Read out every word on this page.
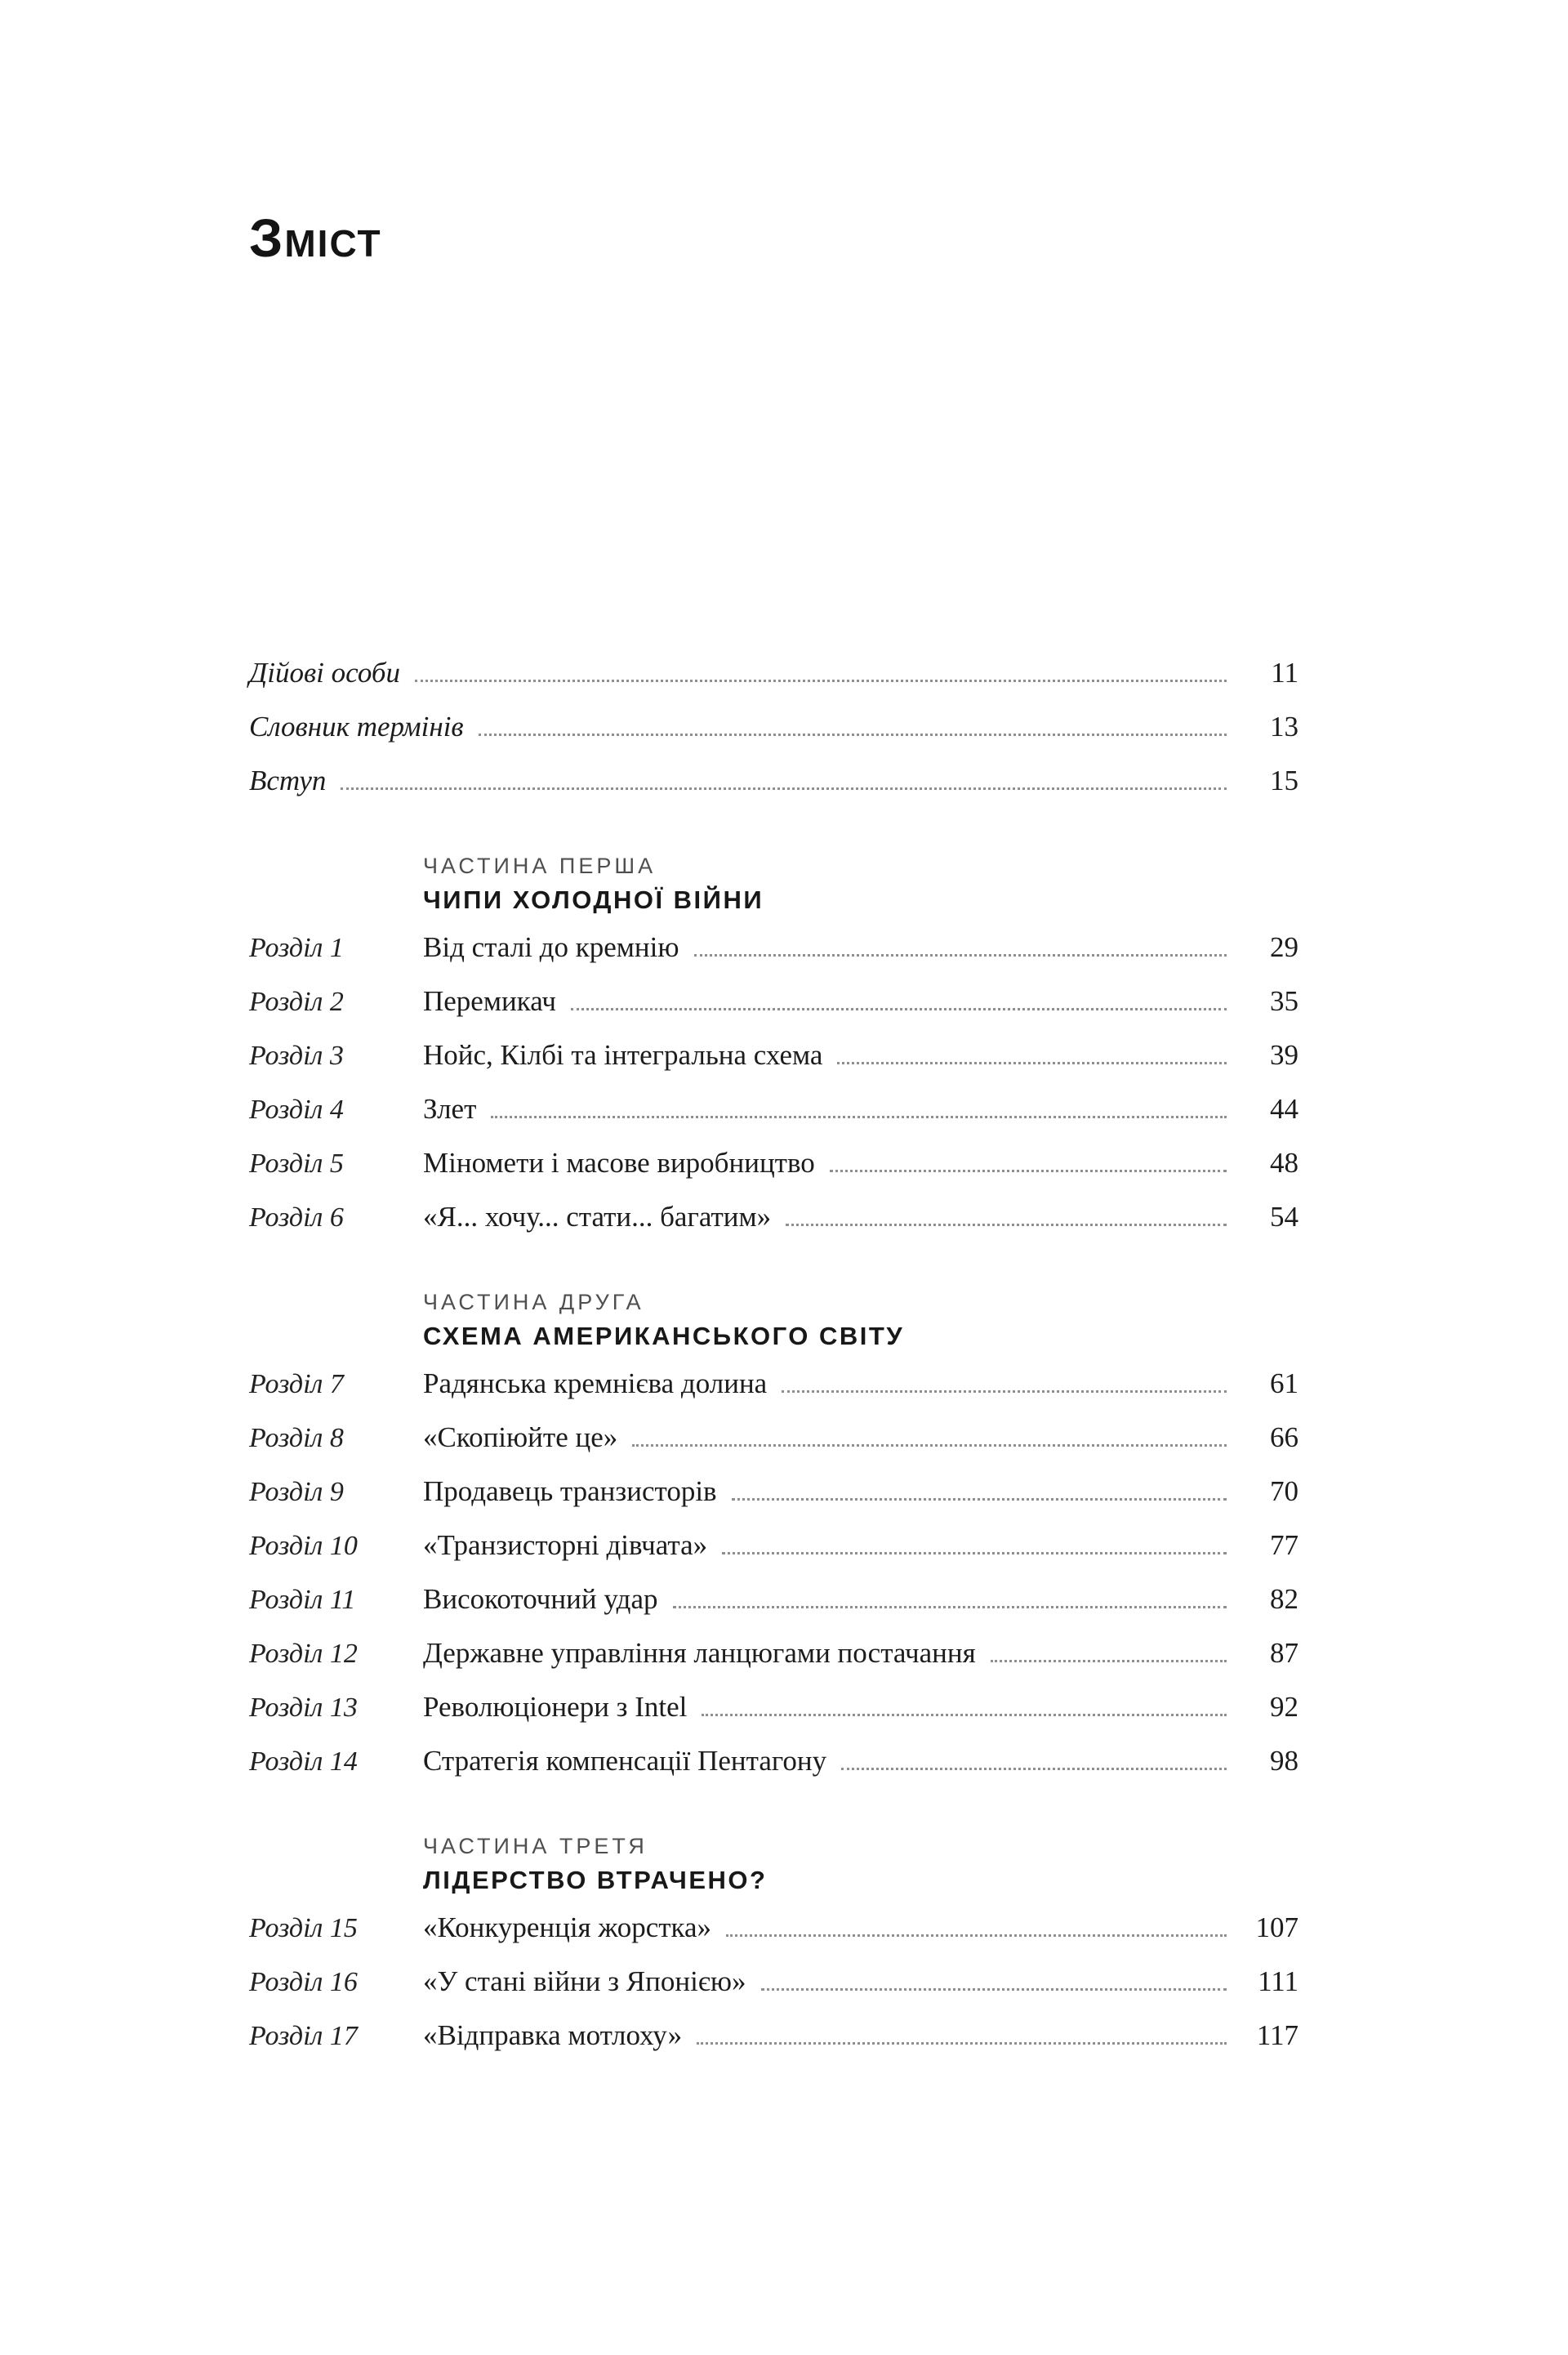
Зміст
Дійові особи	11
Словник термінів	13
Вступ	15
ЧАСТИНА ПЕРША
ЧИПИ ХОЛОДНОЇ ВІЙНИ
Розділ 1	Від сталі до кремнію	29
Розділ 2	Перемикач	35
Розділ 3	Нойс, Кілбі та інтегральна схема	39
Розділ 4	Злет	44
Розділ 5	Міномети і масове виробництво	48
Розділ 6	«Я... хочу... стати... багатим»	54
ЧАСТИНА ДРУГА
СХЕМА АМЕРИКАНСЬКОГО СВІТУ
Розділ 7	Радянська кремнієва долина	61
Розділ 8	«Скопіюйте це»	66
Розділ 9	Продавець транзисторів	70
Розділ 10	«Транзисторні дівчата»	77
Розділ 11	Високоточний удар	82
Розділ 12	Державне управління ланцюгами постачання	87
Розділ 13	Революціонери з Intel	92
Розділ 14	Стратегія компенсації Пентагону	98
ЧАСТИНА ТРЕТЯ
ЛІДЕРСТВО ВТРАЧЕНО?
Розділ 15	«Конкуренція жорстка»	107
Розділ 16	«У стані війни з Японією»	111
Розділ 17	«Відправка мотлоху»	117
